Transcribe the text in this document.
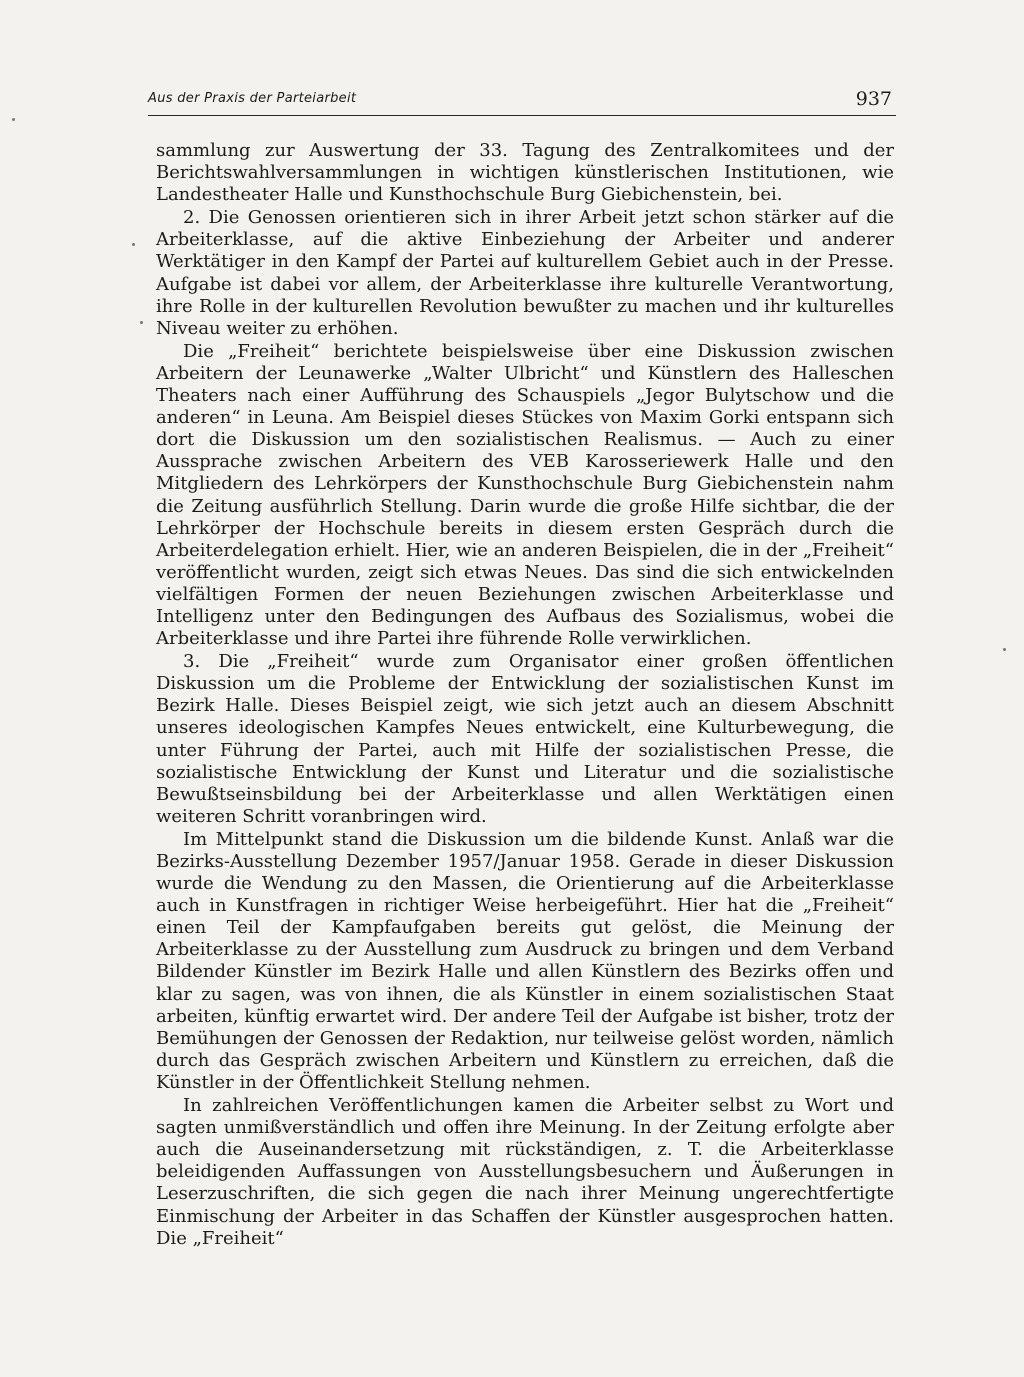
Aus der Praxis der Parteiarbeit	937

sammlung zur Auswertung der 33. Tagung des Zentralkomitees und der Berichtswahlversammlungen in wichtigen künstlerischen Institutionen, wie Landestheater Halle und Kunsthochschule Burg Giebichenstein, bei.

2. Die Genossen orientieren sich in ihrer Arbeit jetzt schon stärker auf die Arbeiterklasse, auf die aktive Einbeziehung der Arbeiter und anderer Werktätiger in den Kampf der Partei auf kulturellem Gebiet auch in der Presse. Aufgabe ist dabei vor allem, der Arbeiterklasse ihre kulturelle Verantwortung, ihre Rolle in der kulturellen Revolution bewußter zu machen und ihr kulturelles Niveau weiter zu erhöhen.

Die „Freiheit“ berichtete beispielsweise über eine Diskussion zwischen Arbeitern der Leunawerke „Walter Ulbricht“ und Künstlern des Halleschen Theaters nach einer Aufführung des Schauspiels „Jegor Bulytschow und die anderen“ in Leuna. Am Beispiel dieses Stückes von Maxim Gorki entspann sich dort die Diskussion um den sozialistischen Realismus. — Auch zu einer Aussprache zwischen Arbeitern des VEB Karosseriewerk Halle und den Mitgliedern des Lehrkörpers der Kunsthochschule Burg Giebichenstein nahm die Zeitung ausführlich Stellung. Darin wurde die große Hilfe sichtbar, die der Lehrkörper der Hochschule bereits in diesem ersten Gespräch durch die Arbeiterdelegation erhielt. Hier, wie an anderen Beispielen, die in der „Freiheit“ veröffentlicht wurden, zeigt sich etwas Neues. Das sind die sich entwickelnden vielfältigen Formen der neuen Beziehungen zwischen Arbeiterklasse und Intelligenz unter den Bedingungen des Aufbaus des Sozialismus, wobei die Arbeiterklasse und ihre Partei ihre führende Rolle verwirklichen.

3. Die „Freiheit“ wurde zum Organisator einer großen öffentlichen Diskussion um die Probleme der Entwicklung der sozialistischen Kunst im Bezirk Halle. Dieses Beispiel zeigt, wie sich jetzt auch an diesem Abschnitt unseres ideologischen Kampfes Neues entwickelt, eine Kulturbewegung, die unter Führung der Partei, auch mit Hilfe der sozialistischen Presse, die sozialistische Entwicklung der Kunst und Literatur und die sozialistische Bewußtseinsbildung bei der Arbeiterklasse und allen Werktätigen einen weiteren Schritt voranbringen wird.

Im Mittelpunkt stand die Diskussion um die bildende Kunst. Anlaß war die Bezirks-Ausstellung Dezember 1957/Januar 1958. Gerade in dieser Diskussion wurde die Wendung zu den Massen, die Orientierung auf die Arbeiterklasse auch in Kunstfragen in richtiger Weise herbeigeführt. Hier hat die „Freiheit“ einen Teil der Kampfaufgaben bereits gut gelöst, die Meinung der Arbeiterklasse zu der Ausstellung zum Ausdruck zu bringen und dem Verband Bildender Künstler im Bezirk Halle und allen Künstlern des Bezirks offen und klar zu sagen, was von ihnen, die als Künstler in einem sozialistischen Staat arbeiten, künftig erwartet wird. Der andere Teil der Aufgabe ist bisher, trotz der Bemühungen der Genossen der Redaktion, nur teilweise gelöst worden, nämlich durch das Gespräch zwischen Arbeitern und Künstlern zu erreichen, daß die Künstler in der Öffentlichkeit Stellung nehmen.

In zahlreichen Veröffentlichungen kamen die Arbeiter selbst zu Wort und sagten unmißverständlich und offen ihre Meinung. In der Zeitung erfolgte aber auch die Auseinandersetzung mit rückständigen, z. T. die Arbeiterklasse beleidigenden Auffassungen von Ausstellungsbesuchern und Äußerungen in Leserzuschriften, die sich gegen die nach ihrer Meinung ungerechtfertigte Einmischung der Arbeiter in das Schaffen der Künstler ausgesprochen hatten. Die „Freiheit“
